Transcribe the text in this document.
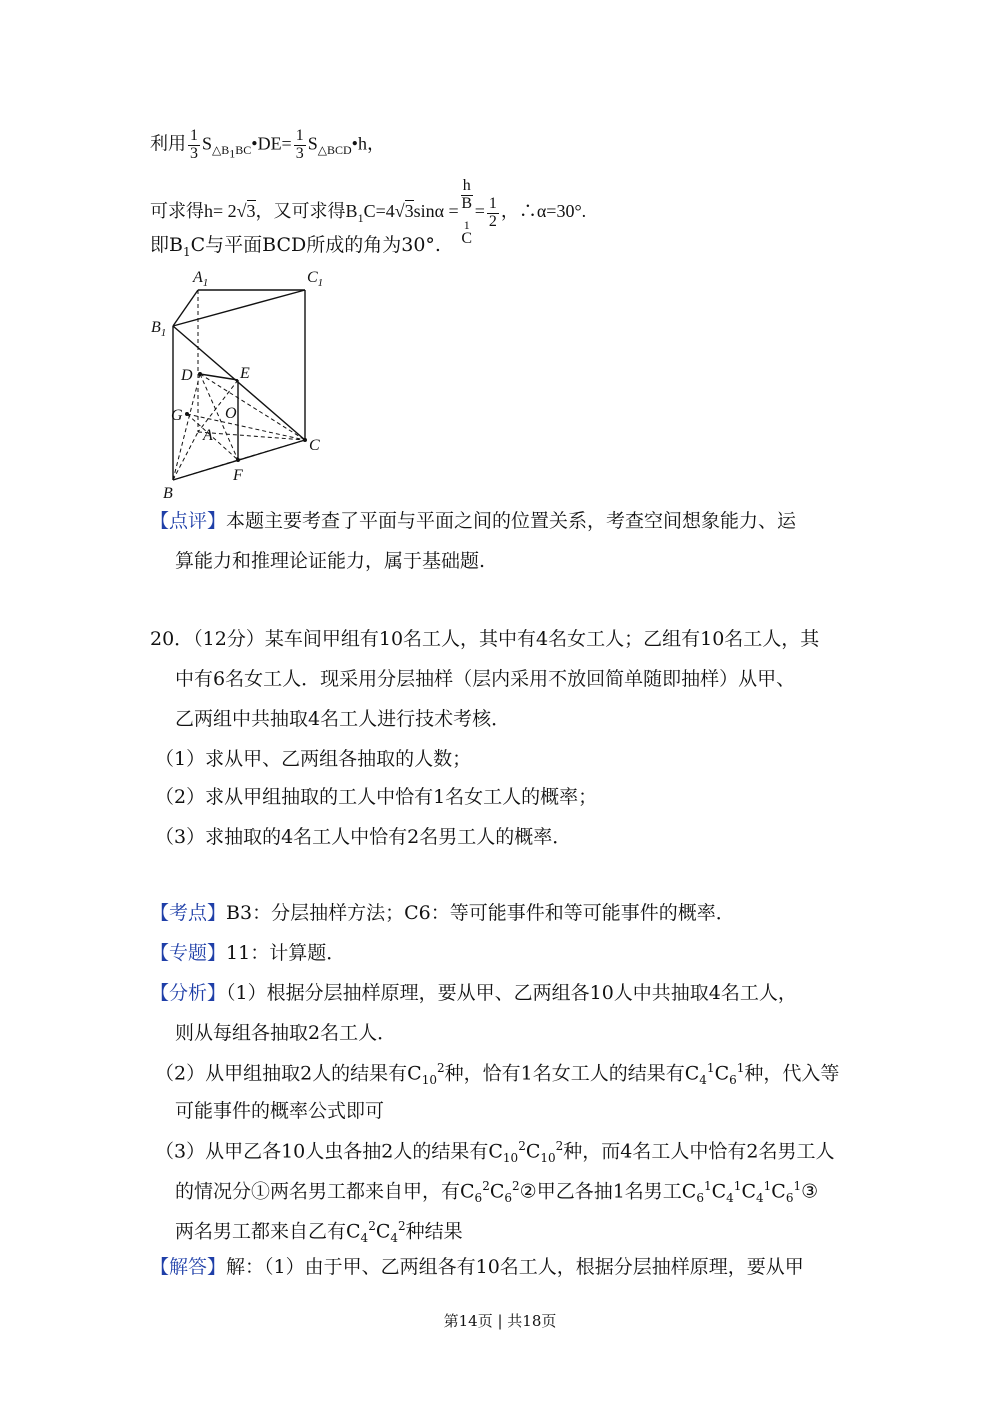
利用 $\frac{1}{3}$ $S_{\triangle B_1BC}•DE= \frac{1}{3}$ $S_{\triangle BCD}•h$，
可求得h= 2√3，又可求得$B_1C=4√3\sin\alpha = h$
B
$_1$
$C = \frac{1}{2}$ ，∴α=30°.
即$B_1C$与平面BCD所成的角为30°.
$A_1$	$C_1$
$B_1$
D	E
G	O
A
C
B
F
【点评】本题主要考查了平面与平面之间的位置关系，考查空间想象能力、运
算能力和推理论证能力，属于基础题.
20．（12分）某车间甲组有10名工人，其中有4名女工人；乙组有10名工人，其
中有6名女工人．现采用分层抽样（层内采用不放回简单随即抽样）从甲、
乙两组中共抽取4名工人进行技术考核．
（1）求从甲、乙两组各抽取的人数；
（2）求从甲组抽取的工人中恰有1名女工人的概率；
（3）求抽取的4名工人中恰有2名男工人的概率．
【考点】B3：分层抽样方法；C6：等可能事件和等可能事件的概率．
【专题】11：计算题．
【分析】（1）根据分层抽样原理，要从甲、乙两组各10人中共抽取4名工人，
则从每组各抽取2名工人．
（2）从甲组抽取2人的结果有$C_{10}^2$种，恰有1名女工人的结果有$C_4^1C_6^1$种，代入等
可能事件的概率公式即可
（3）从甲乙各10人虫各抽2人的结果有$C_{10}^2C_{10}^2$种，而4名工人中恰有2名男工人
的情况分①两名男工都来自甲，有$C_6^2C_6^2②$甲乙各抽1名男工$C_6^1C_4^1C_4^1C_6^1③$
两名男工都来自乙有$C_4^2C_4^2$种结果
【解答】解：（1）由于甲、乙两组各有10名工人，根据分层抽样原理，要从甲
第14页 | 共18页
